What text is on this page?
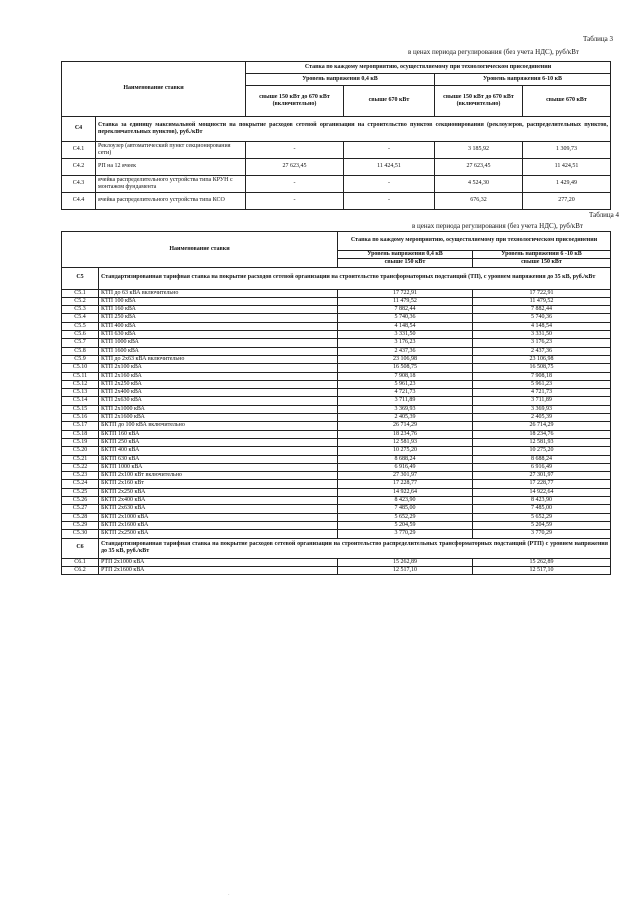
Таблица 3
в ценах периода регулирования (без учета НДС), руб/кВт
Наименование ставки		Ставка по каждому мероприятию, осуществляемому при технологическом присоединении			
		Уровень напряжения 0,4 кВ		Уровень напряжения 6-10 кВ	
		свыше 150 кВт до 670 кВт (включительно)	свыше 670 кВт	свыше 150 кВт до 670 кВт (включительно)	свыше 670 кВт
С4	Ставка за единицу максимальной мощности на покрытие расходов сетевой организации на строительство пунктов секционирования (реклоузеров, распределительных пунктов, переключательных пунктов), руб./кВт				
С4.1	Реклоузер (автоматический пункт секционирования сети)	-	-	3 185,92	1 309,73
С4.2	РП на 12 ячеек	27 623,45	11 424,51	27 623,45	11 424,51
С4.3	ячейка распределительного устройства типа КРУН с монтажом фундамента	-	-	4 524,30	1 429,49
С4.4	ячейка распределительного устройства типа КСО	-	-	676,32	277,20
Таблица 4
в ценах периода регулирования (без учета НДС), руб/кВт
Наименование ставки		Ставка по каждому мероприятию, осуществляемому при технологическом присоединении	
		Уровень напряжения 0,4 кВ	Уровень напряжения 6 -10 кВ
		свыше 150 кВт	свыше 150 кВт
С5	Стандартизированная тарифная ставка на покрытие расходов сетевой организации на строительство трансформаторных подстанций (ТП), с уровнем напряжения до 35 кВ, руб./кВт		
С5.1	КТП до 63 кВА включительно	17 722,91	17 722,91
С5.2	КТП 100 кВА	11 479,52	11 479,52
С5.3	КТП 160 кВА	7 882,44	7 882,44
С5.4	КТП 250 кВА	5 740,36	5 740,36
С5.5	КТП 400 кВА	4 148,54	4 148,54
С5.6	КТП 630 кВА	3 331,50	3 331,50
С5.7	КТП 1000 кВА	3 176,23	3 176,23
С5.8	КТП 1600 кВА	2 437,36	2 437,36
С5.9	КТП до 2х63 кВА включительно	23 106,98	23 106,98
С5.10	КТП 2х100 кВА	16 508,75	16 508,75
С5.11	КТП 2х160 кВА	7 908,18	7 908,18
С5.12	КТП 2х250 кВА	5 961,23	5 961,23
С5.13	КТП 2х400 кВА	4 721,73	4 721,73
С5.14	КТП 2х630 кВА	3 711,89	3 711,89
С5.15	КТП 2х1000 кВА	3 369,93	3 369,93
С5.16	КТП 2х1600 кВА	2 405,39	2 405,39
С5.17	БКТП до 100 кВА включительно	26 714,29	26 714,29
С5.18	БКТП 160 кВА	18 234,76	18 234,76
С5.19	БКТП 250 кВА	12 581,93	12 581,93
С5.20	БКТП 400 кВА	10 275,20	10 275,20
С5.21	БКТП 630 кВА	8 688,24	8 688,24
С5.22	БКТП 1000 кВА	6 916,49	6 916,49
С5.23	БКТП 2х100 кВт включительно	27 301,97	27 301,97
С5.24	БКТП 2х160 кВт	17 228,77	17 228,77
С5.25	БКТП 2х250 кВА	14 922,64	14 922,64
С5.26	БКТП 2х400 кВА	8 423,90	8 423,90
С5.27	БКТП 2х630 кВА	7 485,00	7 485,00
С5.28	БКТП 2х1000 кВА	5 652,29	5 652,29
С5.29	БКТП 2х1600 кВА	5 204,59	5 204,59
С5.30	БКТП 2х2500 кВА	3 770,29	3 770,29
С6	Стандартизированная тарифная ставка на покрытие расходов сетевой организации на строительство распределительных трансформаторных подстанций (РТП) с уровнем напряжения до 35 кВ, руб./кВт		
С6.1	РТП 2х1000 кВА	15 262,89	15 262,89
С6.2	РТП 2х1600 кВА	12 517,10	12 517,10
·
